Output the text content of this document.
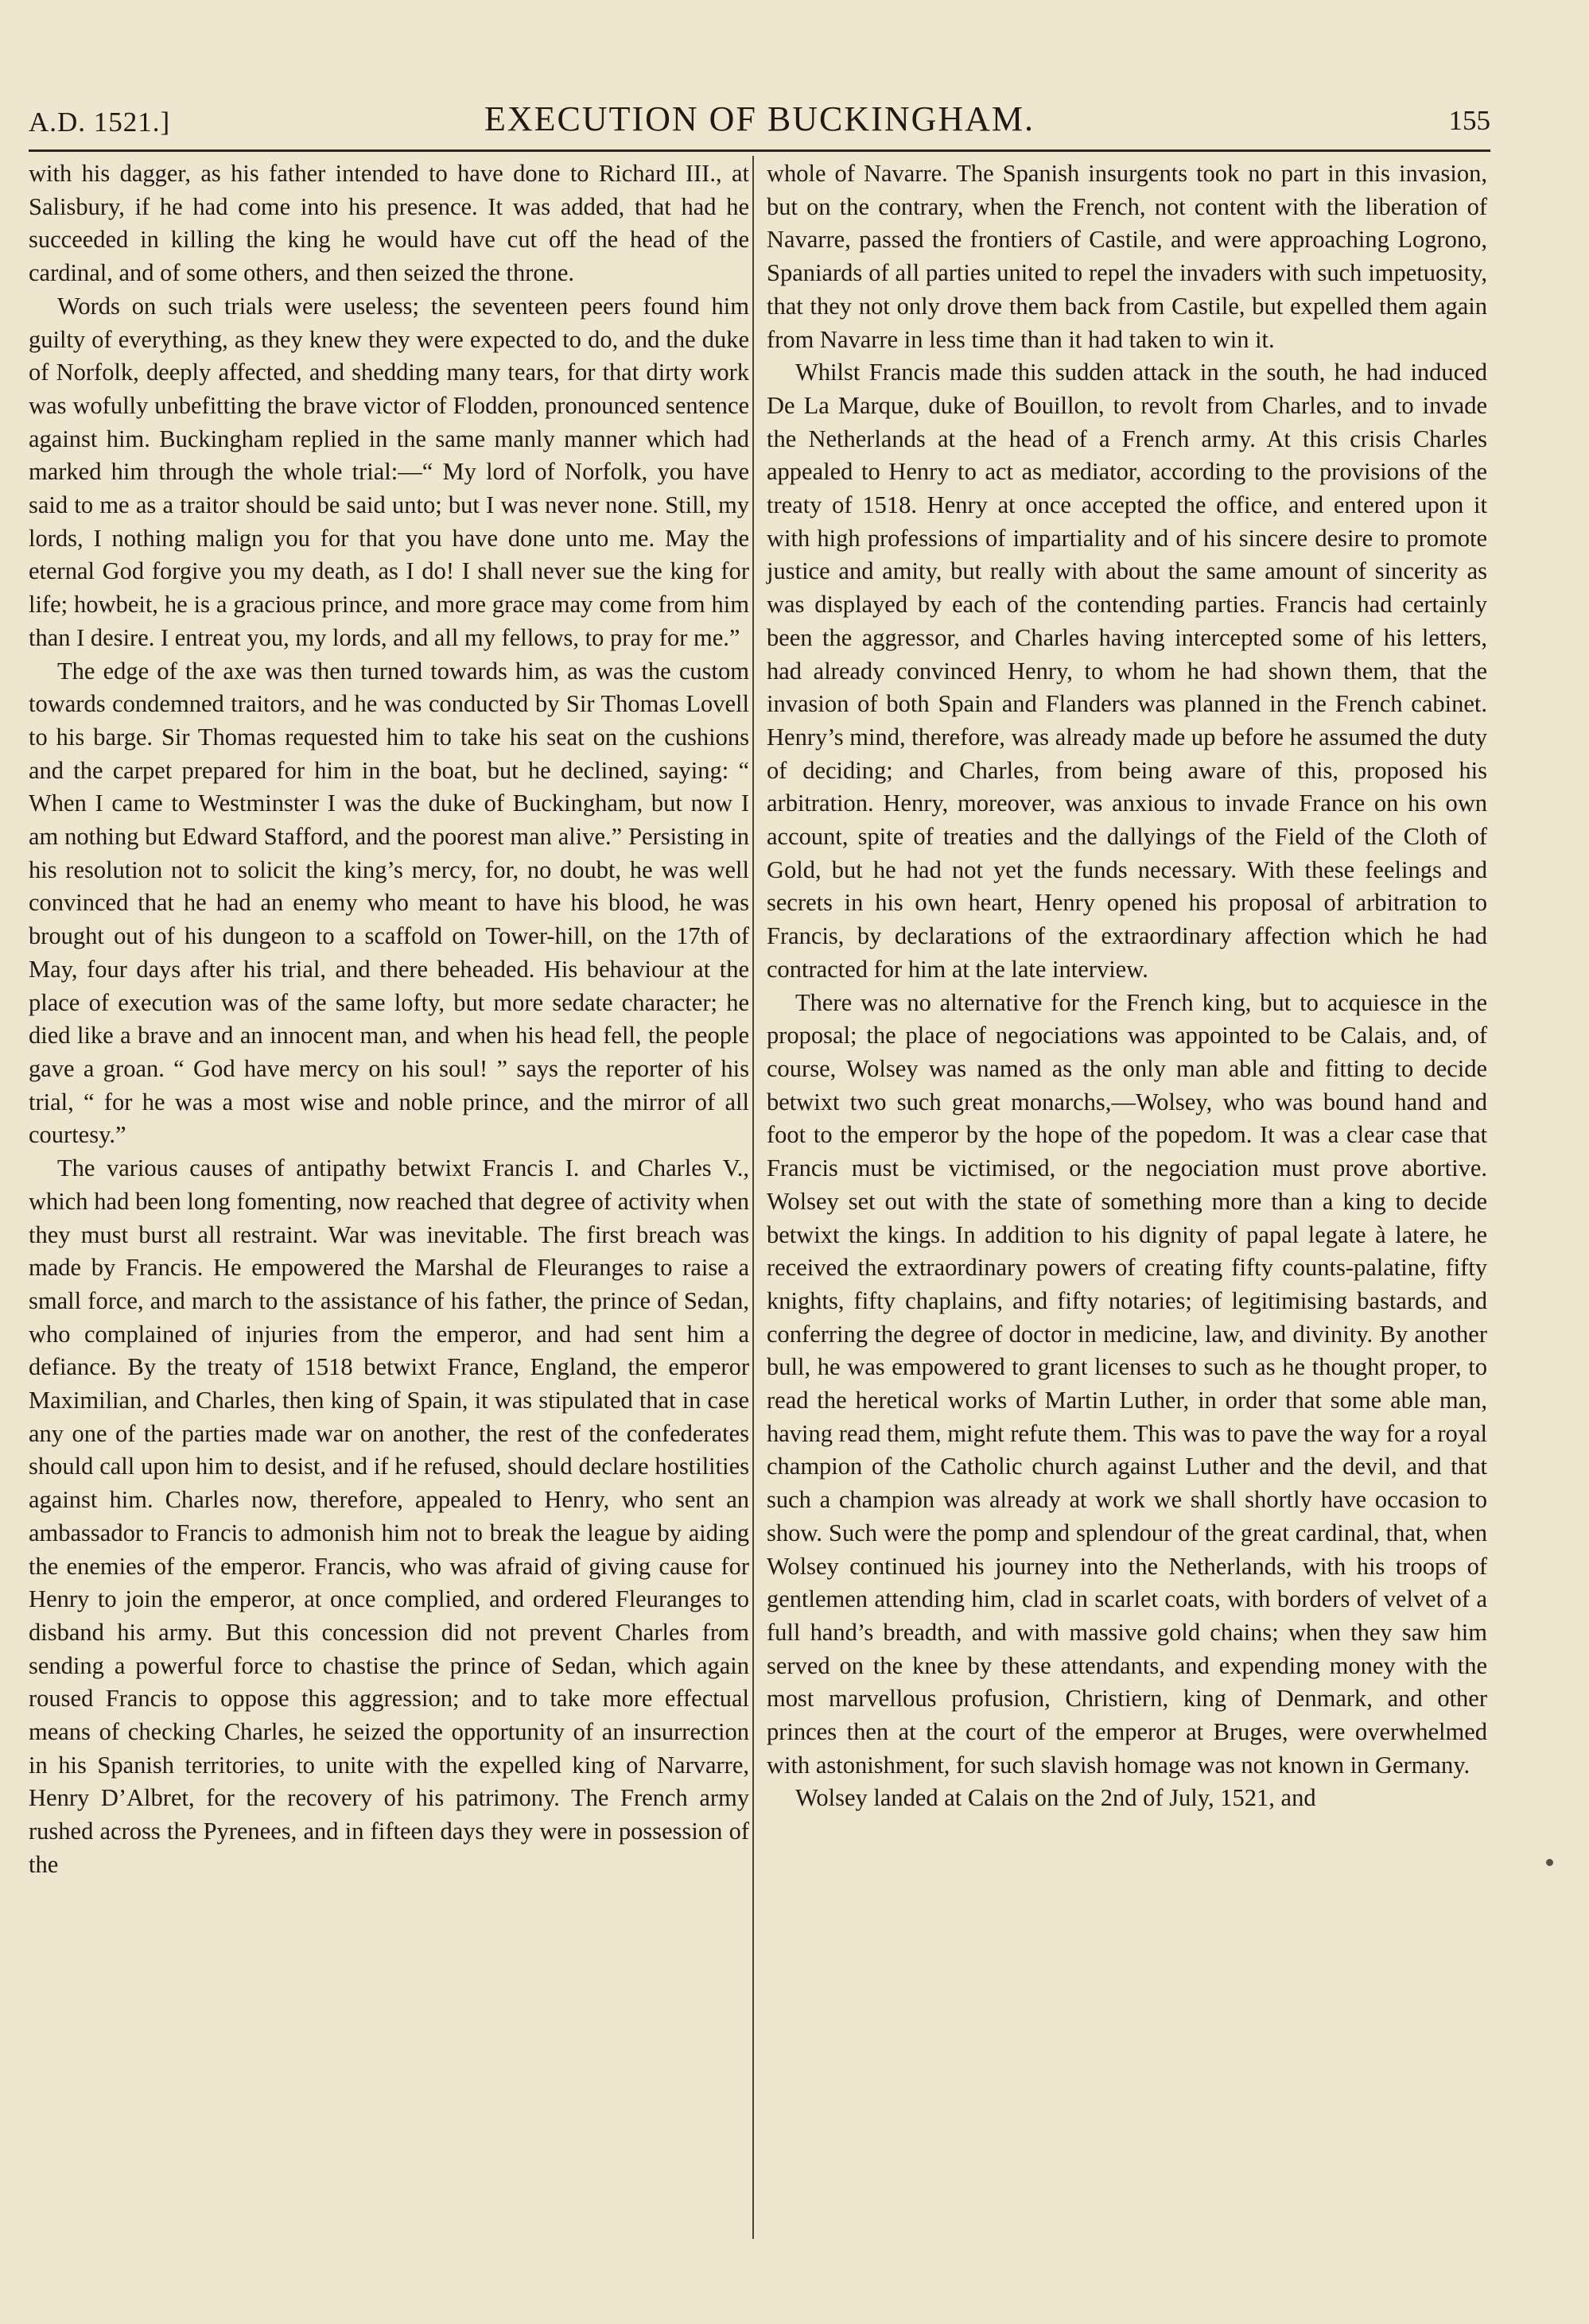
A.D. 1521.]	EXECUTION OF BUCKINGHAM.	155

with his dagger, as his father intended to have done to Richard III., at Salisbury, if he had come into his presence. It was added, that had he succeeded in killing the king he would have cut off the head of the cardinal, and of some others, and then seized the throne.

Words on such trials were useless; the seventeen peers found him guilty of everything, as they knew they were expected to do, and the duke of Norfolk, deeply affected, and shedding many tears, for that dirty work was wofully unbefitting the brave victor of Flodden, pronounced sentence against him. Buckingham replied in the same manly manner which had marked him through the whole trial:—“ My lord of Norfolk, you have said to me as a traitor should be said unto; but I was never none. Still, my lords, I nothing malign you for that you have done unto me. May the eternal God forgive you my death, as I do! I shall never sue the king for life; howbeit, he is a gracious prince, and more grace may come from him than I desire. I entreat you, my lords, and all my fellows, to pray for me.”

The edge of the axe was then turned towards him, as was the custom towards condemned traitors, and he was conducted by Sir Thomas Lovell to his barge. Sir Thomas requested him to take his seat on the cushions and the carpet prepared for him in the boat, but he declined, saying: “ When I came to Westminster I was the duke of Buckingham, but now I am nothing but Edward Stafford, and the poorest man alive.” Persisting in his resolution not to solicit the king’s mercy, for, no doubt, he was well convinced that he had an enemy who meant to have his blood, he was brought out of his dungeon to a scaffold on Tower-hill, on the 17th of May, four days after his trial, and there beheaded. His behaviour at the place of execution was of the same lofty, but more sedate character; he died like a brave and an innocent man, and when his head fell, the people gave a groan. “ God have mercy on his soul! ” says the reporter of his trial, “ for he was a most wise and noble prince, and the mirror of all courtesy.”

The various causes of antipathy betwixt Francis I. and Charles V., which had been long fomenting, now reached that degree of activity when they must burst all restraint. War was inevitable. The first breach was made by Francis. He empowered the Marshal de Fleuranges to raise a small force, and march to the assistance of his father, the prince of Sedan, who complained of injuries from the emperor, and had sent him a defiance. By the treaty of 1518 betwixt France, England, the emperor Maximilian, and Charles, then king of Spain, it was stipulated that in case any one of the parties made war on another, the rest of the confederates should call upon him to desist, and if he refused, should declare hostilities against him. Charles now, therefore, appealed to Henry, who sent an ambassador to Francis to admonish him not to break the league by aiding the enemies of the emperor. Francis, who was afraid of giving cause for Henry to join the emperor, at once complied, and ordered Fleuranges to disband his army. But this concession did not prevent Charles from sending a powerful force to chastise the prince of Sedan, which again roused Francis to oppose this aggression; and to take more effectual means of checking Charles, he seized the opportunity of an insurrection in his Spanish territories, to unite with the expelled king of Narvarre, Henry D’Albret, for the recovery of his patrimony. The French army rushed across the Pyrenees, and in fifteen days they were in possession of the

whole of Navarre. The Spanish insurgents took no part in this invasion, but on the contrary, when the French, not content with the liberation of Navarre, passed the frontiers of Castile, and were approaching Logrono, Spaniards of all parties united to repel the invaders with such impetuosity, that they not only drove them back from Castile, but expelled them again from Navarre in less time than it had taken to win it.

Whilst Francis made this sudden attack in the south, he had induced De La Marque, duke of Bouillon, to revolt from Charles, and to invade the Netherlands at the head of a French army. At this crisis Charles appealed to Henry to act as mediator, according to the provisions of the treaty of 1518. Henry at once accepted the office, and entered upon it with high professions of impartiality and of his sincere desire to promote justice and amity, but really with about the same amount of sincerity as was displayed by each of the contending parties. Francis had certainly been the aggressor, and Charles having intercepted some of his letters, had already convinced Henry, to whom he had shown them, that the invasion of both Spain and Flanders was planned in the French cabinet. Henry’s mind, therefore, was already made up before he assumed the duty of deciding; and Charles, from being aware of this, proposed his arbitration. Henry, moreover, was anxious to invade France on his own account, spite of treaties and the dallyings of the Field of the Cloth of Gold, but he had not yet the funds necessary. With these feelings and secrets in his own heart, Henry opened his proposal of arbitration to Francis, by declarations of the extraordinary affection which he had contracted for him at the late interview.

There was no alternative for the French king, but to acquiesce in the proposal; the place of negociations was appointed to be Calais, and, of course, Wolsey was named as the only man able and fitting to decide betwixt two such great monarchs,—Wolsey, who was bound hand and foot to the emperor by the hope of the popedom. It was a clear case that Francis must be victimised, or the negociation must prove abortive. Wolsey set out with the state of something more than a king to decide betwixt the kings. In addition to his dignity of papal legate à latere, he received the extraordinary powers of creating fifty counts-palatine, fifty knights, fifty chaplains, and fifty notaries; of legitimising bastards, and conferring the degree of doctor in medicine, law, and divinity. By another bull, he was empowered to grant licenses to such as he thought proper, to read the heretical works of Martin Luther, in order that some able man, having read them, might refute them. This was to pave the way for a royal champion of the Catholic church against Luther and the devil, and that such a champion was already at work we shall shortly have occasion to show. Such were the pomp and splendour of the great cardinal, that, when Wolsey continued his journey into the Netherlands, with his troops of gentlemen attending him, clad in scarlet coats, with borders of velvet of a full hand’s breadth, and with massive gold chains; when they saw him served on the knee by these attendants, and expending money with the most marvellous profusion, Christiern, king of Denmark, and other princes then at the court of the emperor at Bruges, were overwhelmed with astonishment, for such slavish homage was not known in Germany.

Wolsey landed at Calais on the 2nd of July, 1521, and
